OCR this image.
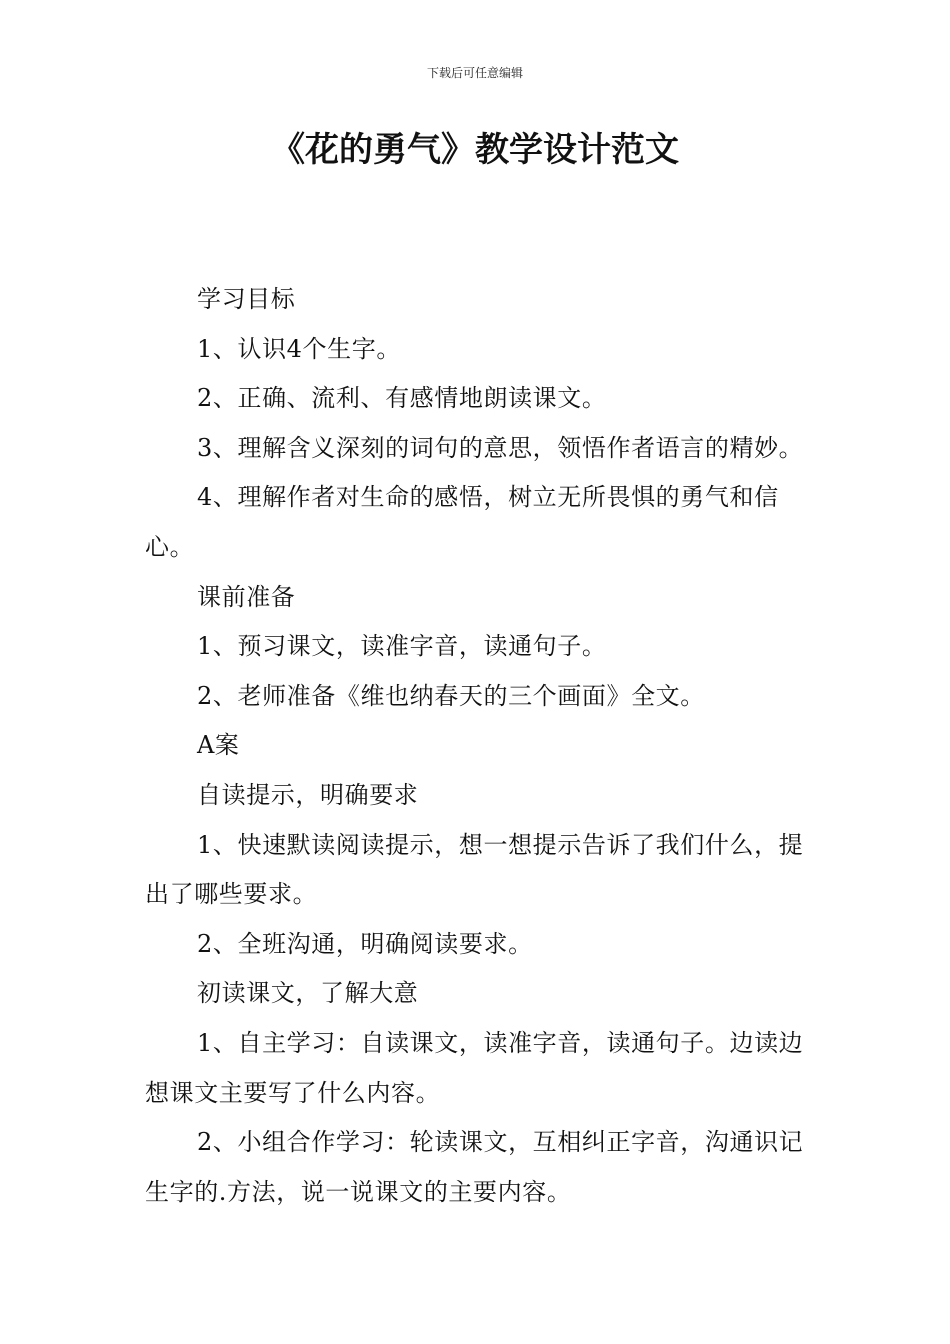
下载后可任意编辑
《花的勇气》教学设计范文

学习目标

1、认识4个生字。

2、正确、流利、有感情地朗读课文。

3、理解含义深刻的词句的意思，领悟作者语言的精妙。

4、理解作者对生命的感悟，树立无所畏惧的勇气和信心。

课前准备

1、预习课文，读准字音，读通句子。

2、老师准备《维也纳春天的三个画面》全文。

A案

自读提示，明确要求

1、快速默读阅读提示，想一想提示告诉了我们什么，提出了哪些要求。

2、全班沟通，明确阅读要求。

初读课文，了解大意

1、自主学习：自读课文，读准字音，读通句子。边读边想课文主要写了什么内容。

2、小组合作学习：轮读课文，互相纠正字音，沟通识记生字的.方法，说一说课文的主要内容。
